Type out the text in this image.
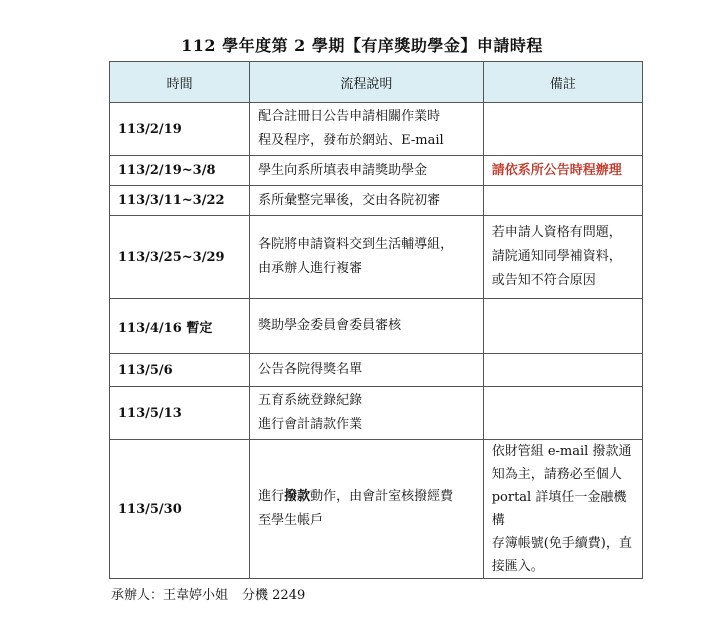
112 學年度第 2 學期【有庠獎助學金】申請時程
時間	流程說明	備註
113/2/19	配合註冊日公告申請相關作業時
程及程序，發布於網站、E-mail	
113/2/19~3/8	學生向系所填表申請獎助學金	請依系所公告時程辦理
113/3/11~3/22	系所彙整完畢後，交由各院初審	
113/3/25~3/29	各院將申請資料交到生活輔導組，
由承辦人進行複審	若申請人資格有問題，
請院通知同學補資料，
或告知不符合原因
113/4/16 暫定	獎助學金委員會委員審核	
113/5/6	公告各院得獎名單	
113/5/13	五育系統登錄紀錄
進行會計請款作業	
113/5/30	進行撥款動作，由會計室核撥經費
至學生帳戶	依財管組 e-mail 撥款通
知為主，請務必至個人
portal 詳填任一金融機構
存簿帳號(免手續費)，直
接匯入。
承辦人：王韋婷小姐 分機 2249
